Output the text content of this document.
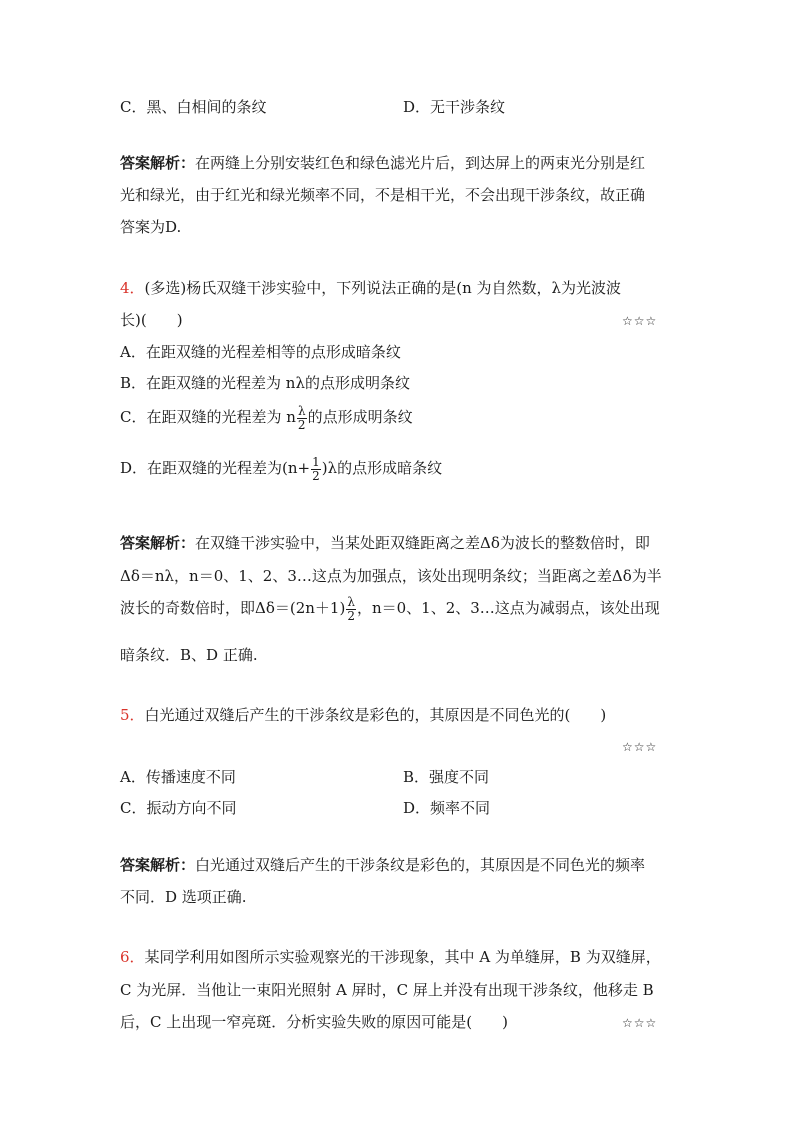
C．黑、白相间的条纹	D．无干涉条纹
答案解析：在两缝上分别安装红色和绿色滤光片后，到达屏上的两束光分别是红
光和绿光，由于红光和绿光频率不同，不是相干光，不会出现干涉条纹，故正确
答案为D.
4．(多选)杨氏双缝干涉实验中，下列说法正确的是(n 为自然数，λ为光波波
长)(　　)	☆☆☆
A．在距双缝的光程差相等的点形成暗条纹
B．在距双缝的光程差为 nλ的点形成明条纹
C．在距双缝的光程差为 n $\frac{\lambda}{2}$ 的点形成明条纹
D．在距双缝的光程差为$(n+ \frac{1}{2} )\lambda$的点形成暗条纹
答案解析：在双缝干涉实验中，当某处距双缝距离之差Δδ为波长的整数倍时，即
Δδ＝nλ，n＝0、1、2、3…这点为加强点，该处出现明条纹；当距离之差Δδ为半
波长的奇数倍时，即$\Delta\delta=(2n+1) \frac{\lambda}{2}$ ，n＝0、1、2、3…这点为减弱点，该处出现
暗条纹．B、D 正确.
5．白光通过双缝后产生的干涉条纹是彩色的，其原因是不同色光的(　　)
☆☆☆
A．传播速度不同	B．强度不同
C．振动方向不同	D．频率不同
答案解析：白光通过双缝后产生的干涉条纹是彩色的，其原因是不同色光的频率
不同．D 选项正确.
6．某同学利用如图所示实验观察光的干涉现象，其中 A 为单缝屏，B 为双缝屏，
C 为光屏．当他让一束阳光照射 A 屏时，C 屏上并没有出现干涉条纹，他移走 B
后，C 上出现一窄亮斑．分析实验失败的原因可能是(　　)	☆☆☆
